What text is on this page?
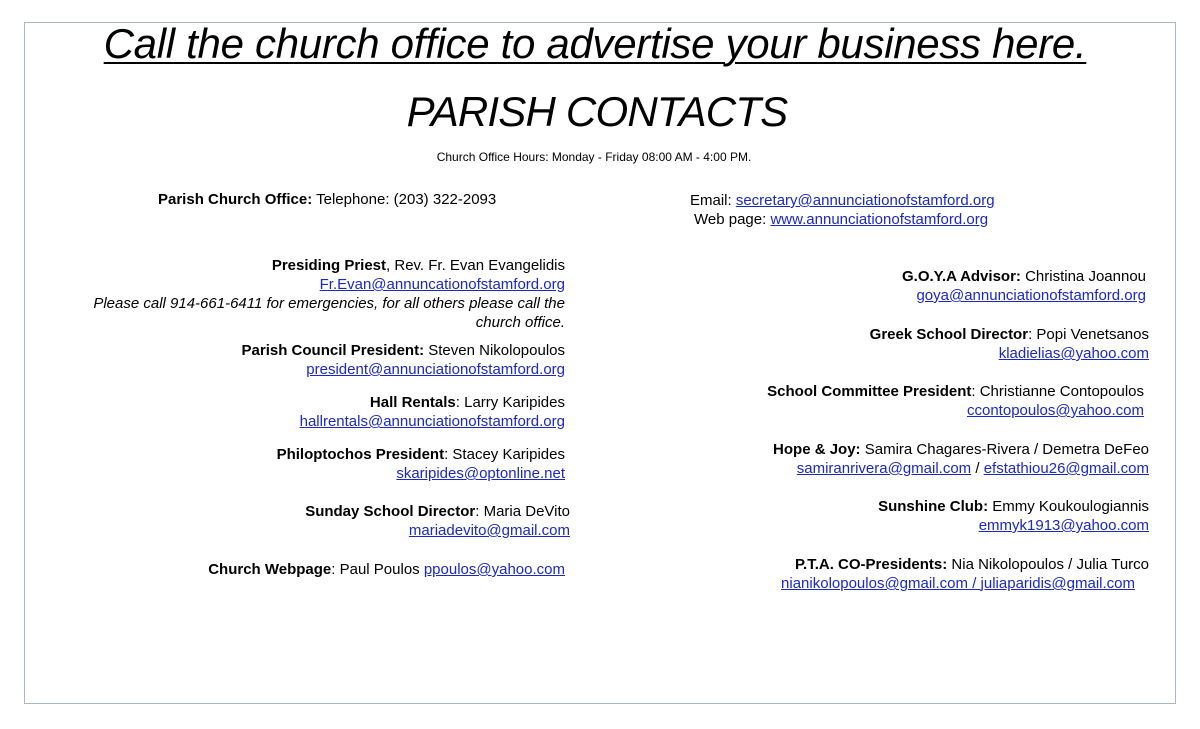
Call the church office to advertise your business here.
PARISH CONTACTS
Church Office Hours: Monday - Friday 08:00 AM - 4:00 PM.
Parish Church Office: Telephone: (203) 322-2093	Email: secretary@annunciationofstamford.org
Web page: www.annunciationofstamford.org
Presiding Priest, Rev. Fr. Evan Evangelidis
Fr.Evan@annuncationofstamford.org
Please call 914-661-6411 for emergencies, for all others please call the
church office.
Parish Council President: Steven Nikolopoulos
president@annunciationofstamford.org
Hall Rentals: Larry Karipides
hallrentals@annunciationofstamford.org
Philoptochos President: Stacey Karipides
skaripides@optonline.net
Sunday School Director: Maria DeVito
mariadevito@gmail.com
Church Webpage: Paul Poulos ppoulos@yahoo.com
G.O.Y.A Advisor: Christina Joannou
goya@annunciationofstamford.org
Greek School Director: Popi Venetsanos
kladielias@yahoo.com
School Committee President: Christianne Contopoulos
ccontopoulos@yahoo.com
Hope & Joy: Samira Chagares-Rivera / Demetra DeFeo
samiranrivera@gmail.com / efstathiou26@gmail.com
Sunshine Club: Emmy Koukoulogiannis
emmyk1913@yahoo.com
P.T.A. CO-Presidents: Nia Nikolopoulos / Julia Turco
nianikolopoulos@gmail.com / juliaparidis@gmail.com
